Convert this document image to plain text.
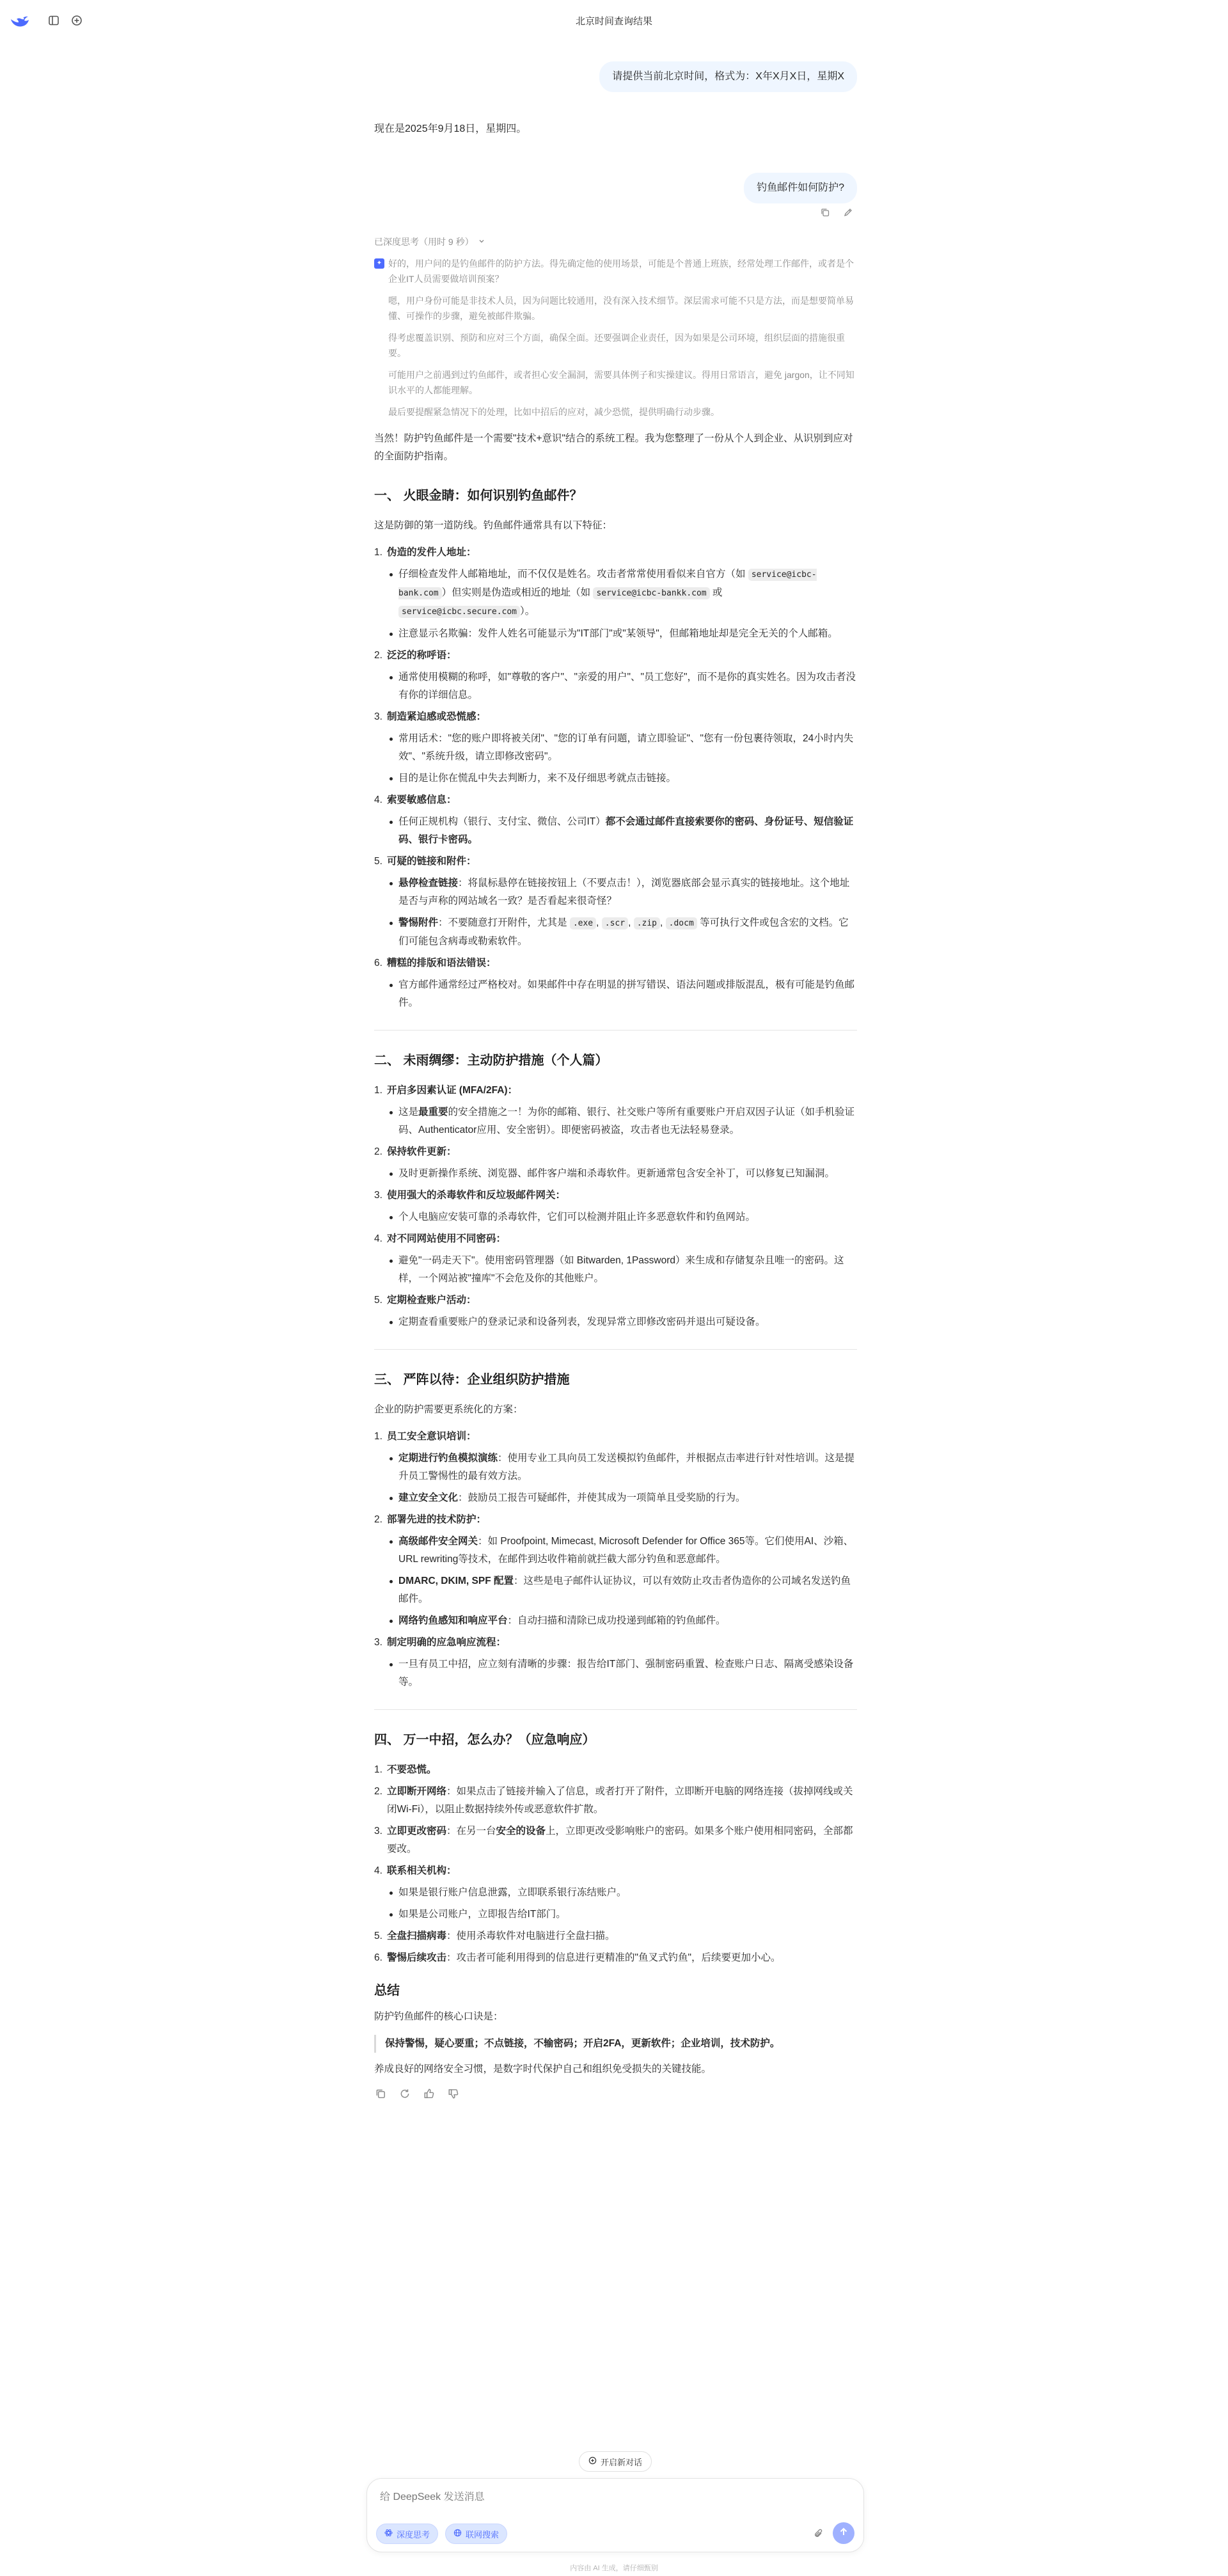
北京时间查询结果
请提供当前北京时间，格式为：X年X月X日，星期X
现在是2025年9月18日，星期四。
钓鱼邮件如何防护?
已深度思考（用时 9 秒）

✦ 好的，用户问的是钓鱼邮件的防护方法。得先确定他的使用场景，可能是个普通上班族，经常处理工作邮件，或者是个企业IT人员需要做培训预案？

嗯，用户身份可能是非技术人员，因为问题比较通用，没有深入技术细节。深层需求可能不只是方法，而是想要简单易懂、可操作的步骤，避免被邮件欺骗。

得考虑覆盖识别、预防和应对三个方面，确保全面。还要强调企业责任，因为如果是公司环境，组织层面的措施很重要。

可能用户之前遇到过钓鱼邮件，或者担心安全漏洞，需要具体例子和实操建议。得用日常语言，避免 jargon，让不同知识水平的人都能理解。

最后要提醒紧急情况下的处理，比如中招后的应对，减少恐慌，提供明确行动步骤。

当然！防护钓鱼邮件是一个需要"技术+意识"结合的系统工程。我为您整理了一份从个人到企业、从识别到应对的全面防护指南。

一、 火眼金睛：如何识别钓鱼邮件？

这是防御的第一道防线。钓鱼邮件通常具有以下特征：

1. 伪造的发件人地址：
仔细检查发件人邮箱地址，而不仅仅是姓名。攻击者常常使用看似来自官方（如 service@icbc-bank.com ）但实则是伪造或相近的地址（如 service@icbc-bankk.com 或 service@icbc.secure.com ）。
注意显示名欺骗：发件人姓名可能显示为"IT部门"或"某领导"，但邮箱地址却是完全无关的个人邮箱。
2. 泛泛的称呼语：
通常使用模糊的称呼，如"尊敬的客户"、"亲爱的用户"、"员工您好"，而不是你的真实姓名。因为攻击者没有你的详细信息。
3. 制造紧迫感或恐慌感：
常用话术："您的账户即将被关闭"、"您的订单有问题，请立即验证"、"您有一份包裹待领取，24小时内失效"、"系统升级，请立即修改密码"。
目的是让你在慌乱中失去判断力，来不及仔细思考就点击链接。
4. 索要敏感信息：
任何正规机构（银行、支付宝、微信、公司IT）都不会通过邮件直接索要你的密码、身份证号、短信验证码、银行卡密码。
5. 可疑的链接和附件：
悬停检查链接：将鼠标悬停在链接按钮上（不要点击！），浏览器底部会显示真实的链接地址。这个地址是否与声称的网站域名一致？是否看起来很奇怪？
警惕附件：不要随意打开附件，尤其是 .exe , .scr , .zip , .docm 等可执行文件或包含宏的文档。它们可能包含病毒或勒索软件。
6. 糟糕的排版和语法错误：
官方邮件通常经过严格校对。如果邮件中存在明显的拼写错误、语法问题或排版混乱，极有可能是钓鱼邮件。
二、 未雨绸缪：主动防护措施（个人篇）
1. 开启多因素认证 (MFA/2FA)：
这是最重要的安全措施之一！为你的邮箱、银行、社交账户等所有重要账户开启双因子认证（如手机验证码、Authenticator应用、安全密钥）。即便密码被盗，攻击者也无法轻易登录。
2. 保持软件更新：
及时更新操作系统、浏览器、邮件客户端和杀毒软件。更新通常包含安全补丁，可以修复已知漏洞。
3. 使用强大的杀毒软件和反垃圾邮件网关：
个人电脑应安装可靠的杀毒软件，它们可以检测并阻止许多恶意软件和钓鱼网站。
4. 对不同网站使用不同密码：
避免"一码走天下"。使用密码管理器（如 Bitwarden, 1Password）来生成和存储复杂且唯一的密码。这样，一个网站被"撞库"不会危及你的其他账户。
5. 定期检查账户活动：
定期查看重要账户的登录记录和设备列表，发现异常立即修改密码并退出可疑设备。
三、 严阵以待：企业组织防护措施

企业的防护需要更系统化的方案：

1. 员工安全意识培训：
定期进行钓鱼模拟演练：使用专业工具向员工发送模拟钓鱼邮件，并根据点击率进行针对性培训。这是提升员工警惕性的最有效方法。
建立安全文化：鼓励员工报告可疑邮件，并使其成为一项简单且受奖励的行为。
2. 部署先进的技术防护：
高级邮件安全网关：如 Proofpoint, Mimecast, Microsoft Defender for Office 365等。它们使用AI、沙箱、URL rewriting等技术，在邮件到达收件箱前就拦截大部分钓鱼和恶意邮件。
DMARC, DKIM, SPF 配置：这些是电子邮件认证协议，可以有效防止攻击者伪造你的公司域名发送钓鱼邮件。
网络钓鱼感知和响应平台：自动扫描和清除已成功投递到邮箱的钓鱼邮件。
3. 制定明确的应急响应流程：
一旦有员工中招，应立刻有清晰的步骤：报告给IT部门、强制密码重置、检查账户日志、隔离受感染设备等。
四、 万一中招，怎么办？（应急响应）
1. 不要恐慌。
2. 立即断开网络：如果点击了链接并输入了信息，或者打开了附件，立即断开电脑的网络连接（拔掉网线或关闭Wi-Fi），以阻止数据持续外传或恶意软件扩散。
3. 立即更改密码：在另一台安全的设备上，立即更改受影响账户的密码。如果多个账户使用相同密码，全部都要改。
4. 联系相关机构：
如果是银行账户信息泄露，立即联系银行冻结账户。
如果是公司账户，立即报告给IT部门。
5. 全盘扫描病毒：使用杀毒软件对电脑进行全盘扫描。
6. 警惕后续攻击：攻击者可能利用得到的信息进行更精准的"鱼叉式钓鱼"，后续要更加小心。
总结

防护钓鱼邮件的核心口诀是：

保持警惕，疑心要重；不点链接，不输密码；开启2FA，更新软件；企业培训，技术防护。

养成良好的网络安全习惯，是数字时代保护自己和组织免受损失的关键技能。

开启新对话
给 DeepSeek 发送消息
深度思考	联网搜索
内容由 AI 生成，请仔细甄别
